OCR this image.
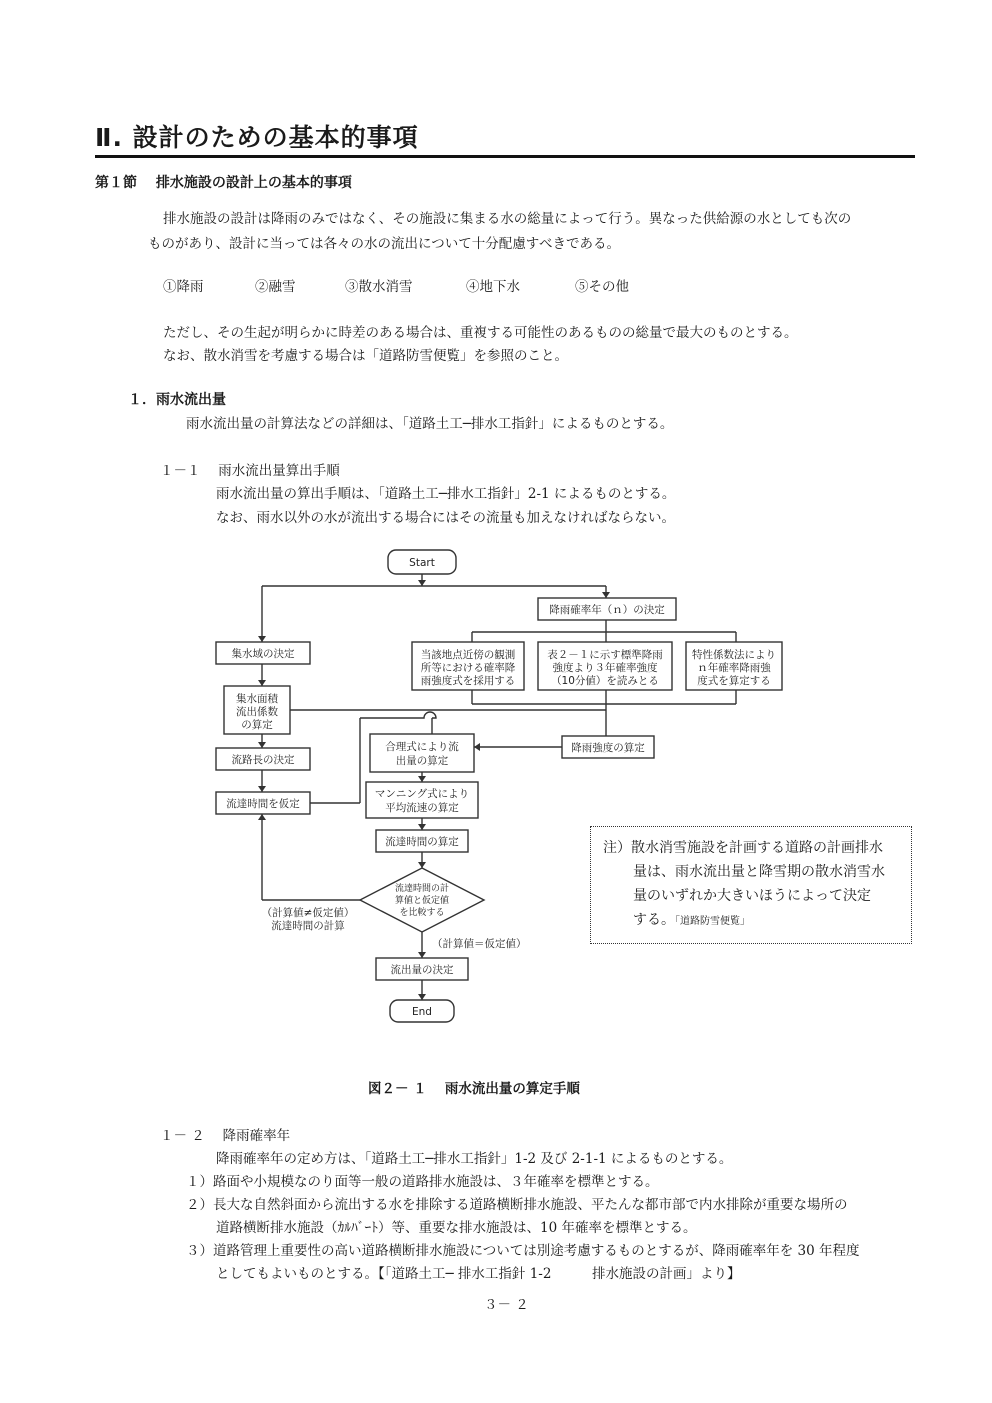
Ⅱ. 設計のための基本的事項
第１節　 排水施設の設計上の基本的事項
排水施設の設計は降雨のみではなく、その施設に集まる水の総量によって行う。異なった供給源の水としても次の
ものがあり、設計に当っては各々の水の流出について十分配慮すべきである。
①降雨	②融雪	③散水消雪	④地下水	⑤その他
ただし、その生起が明らかに時差のある場合は、重複する可能性のあるものの総量で最大のものとする。
なお、散水消雪を考慮する場合は「道路防雪便覧」を参照のこと。
１．雨水流出量
雨水流出量の計算法などの詳細は、「道路土工─排水工指針」によるものとする。
１－１　 雨水流出量算出手順
雨水流出量の算出手順は、「道路土工─排水工指針」2-1 によるものとする。
なお、雨水以外の水が流出する場合にはその流量も加えなければならない。
Start
降雨確率年（ｎ）の決定
当該地点近傍の観測
所等における確率降
雨強度式を採用する
表２－１に示す標準降雨
強度より３年確率強度
（10分値）を読みとる
特性係数法により
ｎ年確率降雨強
度式を算定する
集水域の決定
集水面積
流出係数
の算定
流路長の決定
流達時間を仮定
合理式により流
出量の算定
降雨強度の算定
マンニング式により
平均流速の算定
流達時間の算定
流出量の決定
End
流達時間の計
算値と仮定値
を比較する
（計算値≠仮定値）
流達時間の計算
（計算値＝仮定値）
注）散水消雪施設を計画する道路の計画排水
量は、雨水流出量と降雪期の散水消雪水
量のいずれか大きいほうによって決定
する。「道路防雪便覧」
図２－ １　 雨水流出量の算定手順
１－ ２　 降雨確率年
降雨確率年の定め方は、「道路土工─排水工指針」1-2 及び 2-1-1 によるものとする。
１）路面や小規模なのり面等一般の道路排水施設は、３年確率を標準とする。
２）長大な自然斜面から流出する水を排除する道路横断排水施設、平たんな都市部で内水排除が重要な場所の
道路横断排水施設（ｶﾙﾊﾞｰﾄ）等、重要な排水施設は、10 年確率を標準とする。
３）道路管理上重要性の高い道路横断排水施設については別途考慮するものとするが、降雨確率年を 30 年程度
としてもよいものとする。【「道路土工─ 排水工指針 1-2　　　排水施設の計画」より】
３－ ２
